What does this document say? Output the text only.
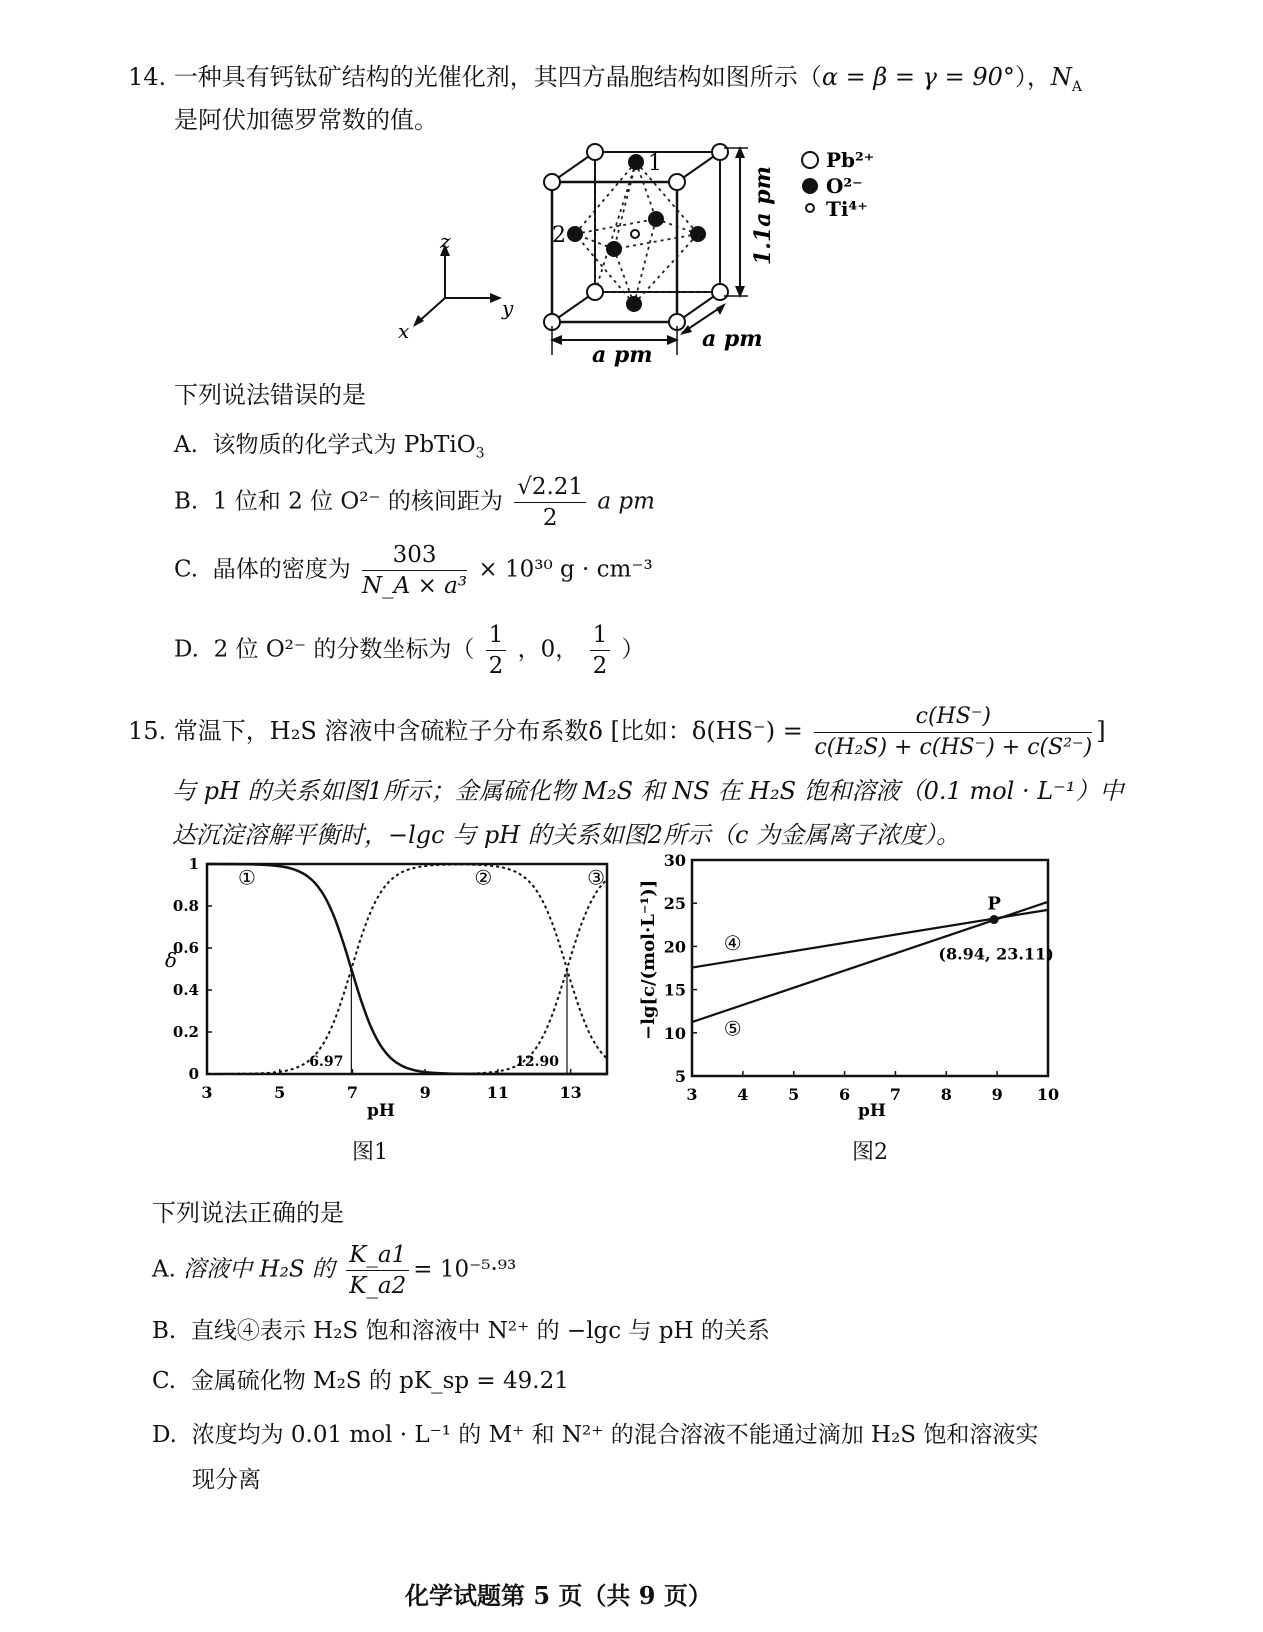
14. 一种具有钙钛矿结构的光催化剂，其四方晶胞结构如图所示（α = β = γ = 90°），$N_A$
是阿伏加德罗常数的值。
1
2	1.1a pm
a pm
a pm
z
y
x
Pb²⁺
O²⁻
Ti⁴⁺
下列说法错误的是
A. 该物质的化学式为 PbTiO$_3$
B. 1 位和 2 位 O²⁻ 的核间距为 $\frac{√2.21}{2}$ a pm
C. 晶体的密度为 $\frac{303}{\text{N\_A × a³}} \times 10^{30}$ g · cm⁻³
D. 2 位 O²⁻ 的分数坐标为（ $\frac{1}{2}$ ，0， $\frac{1}{2}$ ）
15. 常温下，H₂S 溶液中含硫粒子分布系数δ [比如：$\delta(HS^-) = \frac{c(HS^-)}{\text{c(H₂S) + c(HS⁻) + c(S²⁻)}}$ ]
与 pH 的关系如图1所示；金属硫化物 M₂S 和 NS 在 H₂S 饱和溶液（0.1 mol · L⁻¹）中
达沉淀溶解平衡时，−lgc 与 pH 的关系如图2所示（c 为金属离子浓度）。
3	5	7	9	11	13
0
0.2
0.4
0.6
0.8
1
①	②	③
6.97	12.90
δ
pH
图1
3 4 5 6 7 8 9 10
5
10
15
20
25
30
④
⑤
P
(8.94, 23.11)
−lg[c/(mol·L⁻¹)]
pH
图2
下列说法正确的是
A. 溶液中 H₂S 的 $\frac{K\_a1}{K\_a2} = 10^{-5}\cdot^{93}$
B. 直线④表示 H₂S 饱和溶液中 N²⁺ 的 −lgc 与 pH 的关系
C. 金属硫化物 M₂S 的 pK_sp = 49.21
D. 浓度均为 0.01 mol · L⁻¹ 的 M⁺ 和 N²⁺ 的混合溶液不能通过滴加 H₂S 饱和溶液实
现分离
化学试题第 5 页（共 9 页）
